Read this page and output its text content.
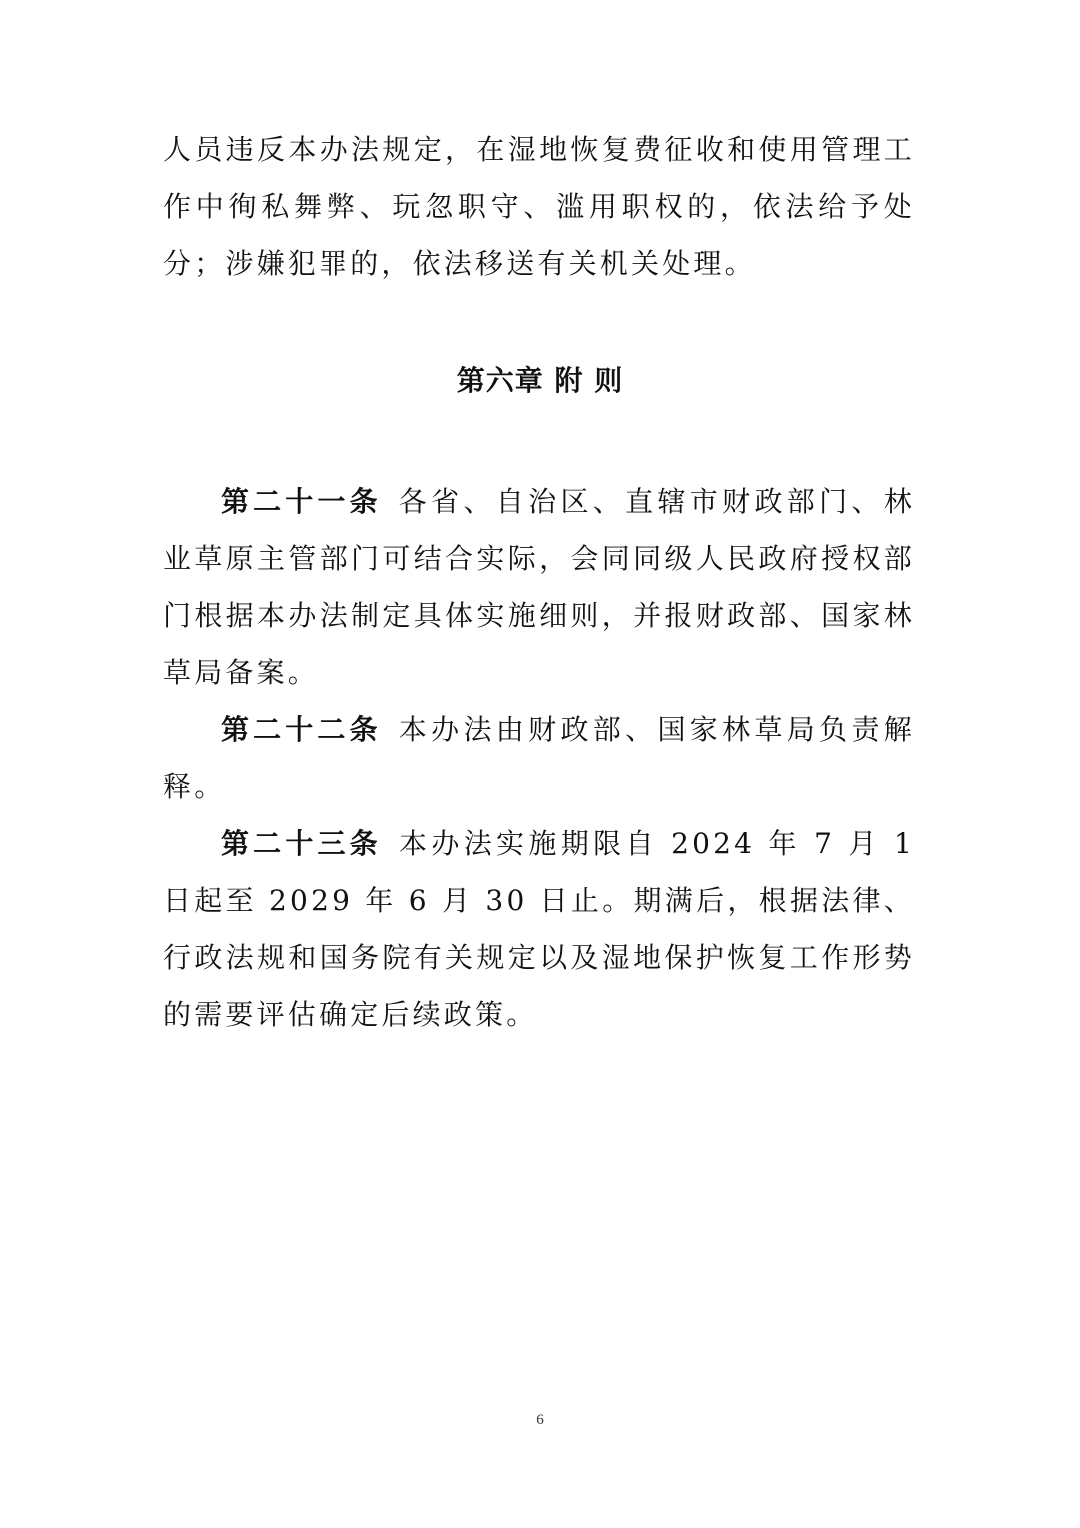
人员违反本办法规定，在湿地恢复费征收和使用管理工作中徇私舞弊、玩忽职守、滥用职权的，依法给予处分；涉嫌犯罪的，依法移送有关机关处理。
第六章 附 则

第二十一条 各省、自治区、直辖市财政部门、林业草原主管部门可结合实际，会同同级人民政府授权部门根据本办法制定具体实施细则，并报财政部、国家林草局备案。

第二十二条 本办法由财政部、国家林草局负责解释。

第二十三条 本办法实施期限自 2024 年 7 月 1 日起至 2029 年 6 月 30 日止。期满后，根据法律、行政法规和国务院有关规定以及湿地保护恢复工作形势的需要评估确定后续政策。

6
